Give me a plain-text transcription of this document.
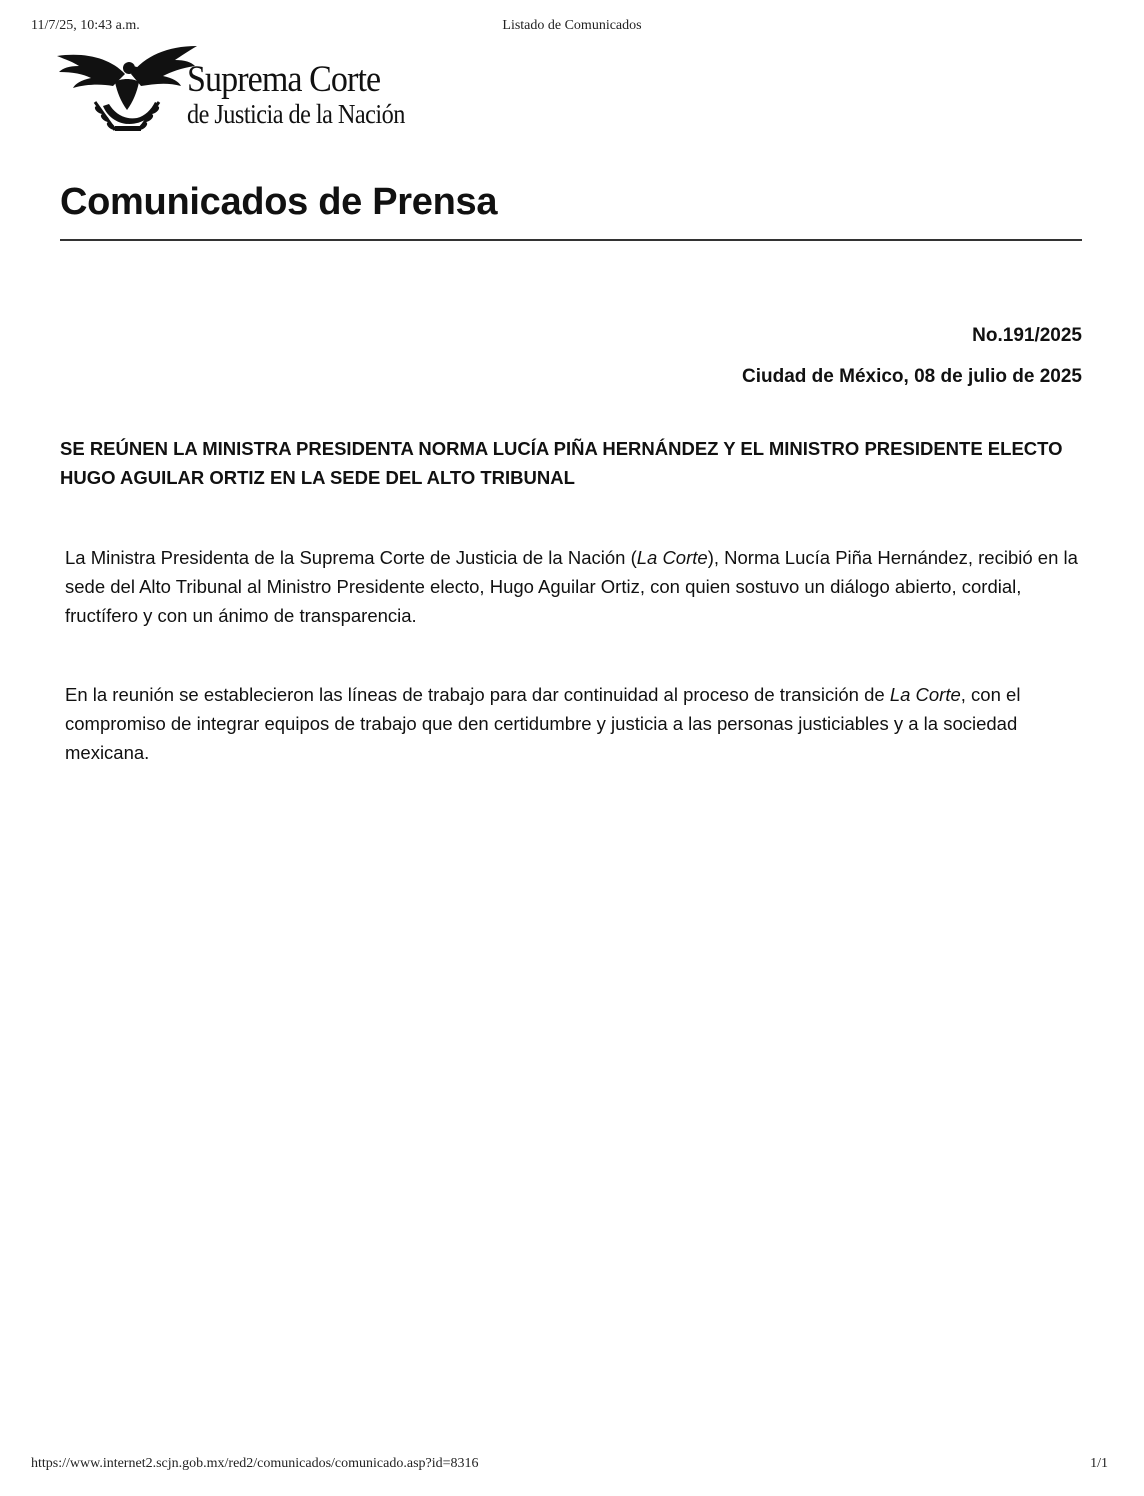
11/7/25, 10:43 a.m.	Listado de Comunicados
Suprema Corte
de Justicia de la Nación
Comunicados de Prensa
No.191/2025
Ciudad de México, 08 de julio de 2025
SE REÚNEN LA MINISTRA PRESIDENTA NORMA LUCÍA PIÑA HERNÁNDEZ Y EL MINISTRO PRESIDENTE ELECTO HUGO AGUILAR ORTIZ EN LA SEDE DEL ALTO TRIBUNAL

La Ministra Presidenta de la Suprema Corte de Justicia de la Nación (La Corte), Norma Lucía Piña Hernández, recibió en la sede del Alto Tribunal al Ministro Presidente electo, Hugo Aguilar Ortiz, con quien sostuvo un diálogo abierto, cordial, fructífero y con un ánimo de transparencia.

En la reunión se establecieron las líneas de trabajo para dar continuidad al proceso de transición de La Corte, con el compromiso de integrar equipos de trabajo que den certidumbre y justicia a las personas justiciables y a la sociedad mexicana.

https://www.internet2.scjn.gob.mx/red2/comunicados/comunicado.asp?id=8316	1/1
